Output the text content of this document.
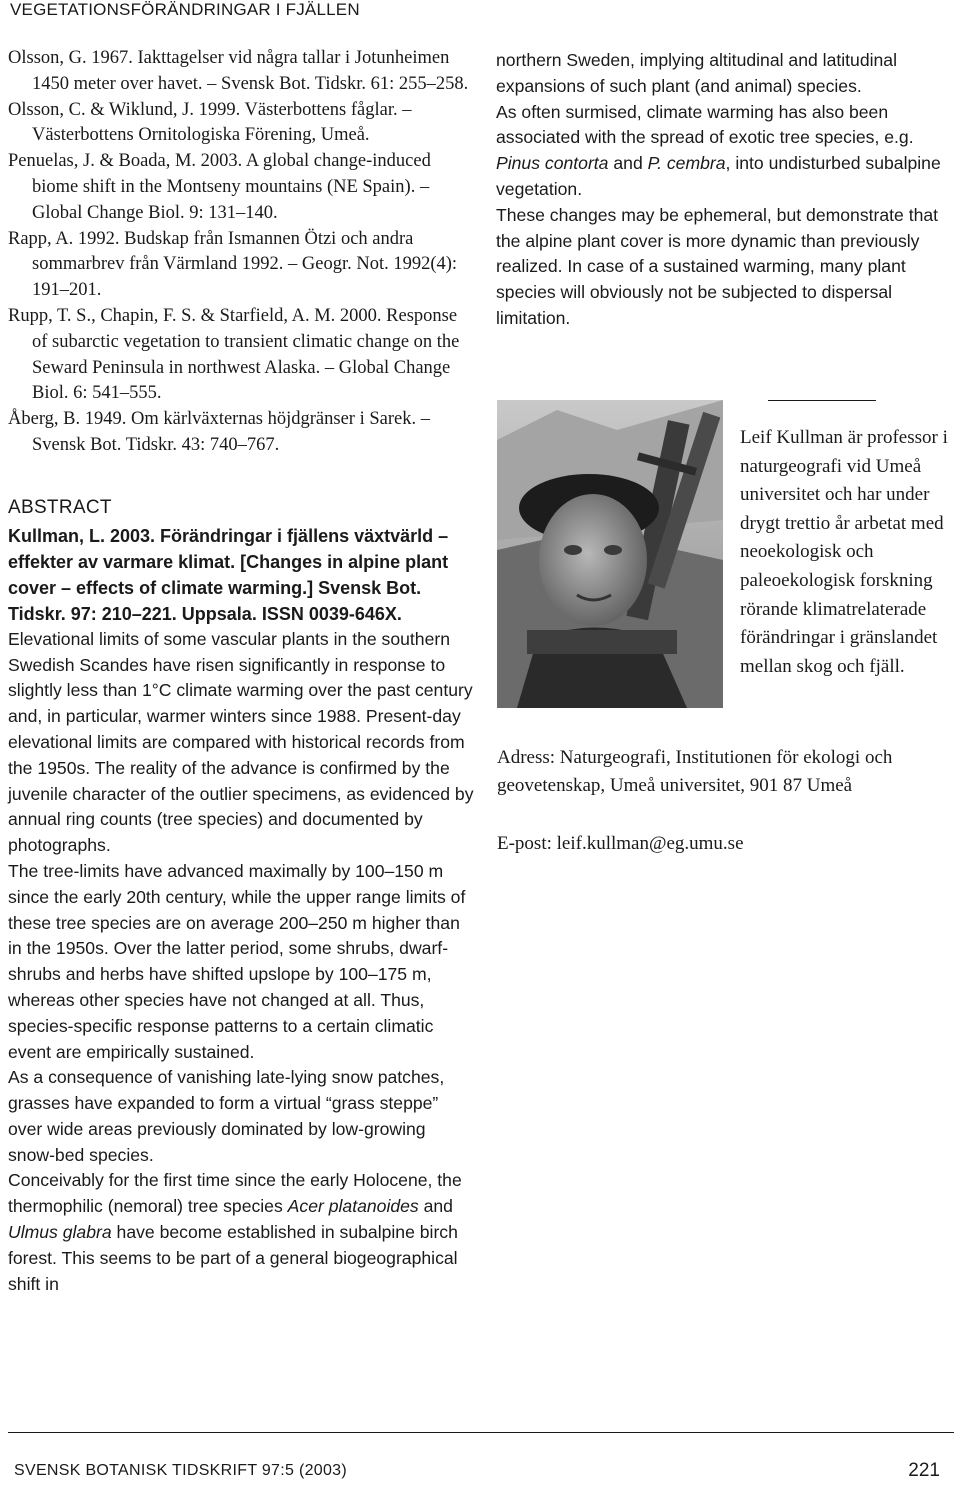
VEGETATIONSFÖRÄNDRINGAR I FJÄLLEN

Olsson, G. 1967. Iakttagelser vid några tallar i Jotunheimen 1450 meter over havet. – Svensk Bot. Tidskr. 61: 255–258.

Olsson, C. & Wiklund, J. 1999. Västerbottens fåglar. – Västerbottens Ornitologiska Förening, Umeå.

Penuelas, J. & Boada, M. 2003. A global change-induced biome shift in the Montseny mountains (NE Spain). – Global Change Biol. 9: 131–140.

Rapp, A. 1992. Budskap från Ismannen Ötzi och andra sommarbrev från Värmland 1992. – Geogr. Not. 1992(4): 191–201.

Rupp, T. S., Chapin, F. S. & Starfield, A. M. 2000. Response of subarctic vegetation to transient climatic change on the Seward Peninsula in northwest Alaska. – Global Change Biol. 6: 541–555.

Åberg, B. 1949. Om kärlväxternas höjdgränser i Sarek. – Svensk Bot. Tidskr. 43: 740–767.

ABSTRACT

Kullman, L. 2003. Förändringar i fjällens växtvärld – effekter av varmare klimat. [Changes in alpine plant cover – effects of climate warming.] Svensk Bot. Tidskr. 97: 210–221. Uppsala. ISSN 0039-646X.

Elevational limits of some vascular plants in the southern Swedish Scandes have risen significantly in response to slightly less than 1°C climate warming over the past century and, in particular, warmer winters since 1988. Present-day elevational limits are compared with historical records from the 1950s. The reality of the advance is confirmed by the juvenile character of the outlier specimens, as evidenced by annual ring counts (tree species) and documented by photographs.

The tree-limits have advanced maximally by 100–150 m since the early 20th century, while the upper range limits of these tree species are on average 200–250 m higher than in the 1950s. Over the latter period, some shrubs, dwarf-shrubs and herbs have shifted upslope by 100–175 m, whereas other species have not changed at all. Thus, species-specific response patterns to a certain climatic event are empirically sustained.

As a consequence of vanishing late-lying snow patches, grasses have expanded to form a virtual “grass steppe” over wide areas previously dominated by low-growing snow-bed species.

Conceivably for the first time since the early Holocene, the thermophilic (nemoral) tree species Acer platanoides and Ulmus glabra have become established in subalpine birch forest. This seems to be part of a general biogeographical shift in

northern Sweden, implying altitudinal and latitudinal expansions of such plant (and animal) species.

As often surmised, climate warming has also been associated with the spread of exotic tree species, e.g. Pinus contorta and P. cembra, into undisturbed subalpine vegetation.

These changes may be ephemeral, but demonstrate that the alpine plant cover is more dynamic than previously realized. In case of a sustained warming, many plant species will obviously not be subjected to dispersal limitation.

Leif Kullman är professor i naturgeografi vid Umeå universitet och har under drygt trettio år arbetat med neoekologisk och paleoekologisk forskning rörande klimatrelaterade förändringar i gränslandet mellan skog och fjäll.

Adress: Naturgeografi, Institutionen för ekologi och geovetenskap, Umeå universitet, 901 87 Umeå

E-post: leif.kullman@eg.umu.se

SVENSK BOTANISK TIDSKRIFT 97:5 (2003)	221
